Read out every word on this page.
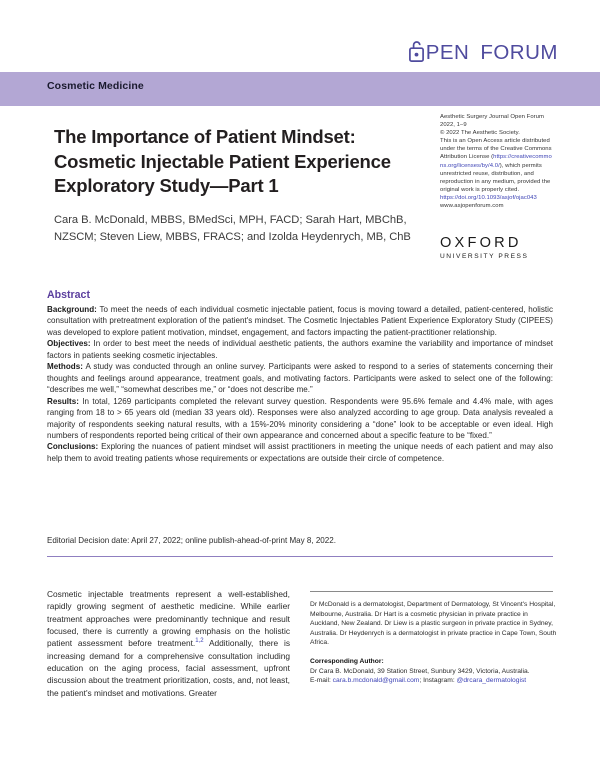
PEN FORUM
Cosmetic Medicine
The Importance of Patient Mindset: Cosmetic Injectable Patient Experience Exploratory Study—Part 1
Cara B. McDonald, MBBS, BMedSci, MPH, FACD; Sarah Hart, MBChB, NZSCM; Steven Liew, MBBS, FRACS; and Izolda Heydenrych, MB, ChB
Aesthetic Surgery Journal Open Forum
2022, 1–9
© 2022 The Aesthetic Society.
This is an Open Access article distributed under the terms of the Creative Commons Attribution License (https://creativecommons.org/licenses/by/4.0/), which permits unrestricted reuse, distribution, and reproduction in any medium, provided the original work is properly cited.
https://doi.org/10.1093/asjof/ojac043
www.asjopenforum.com
OXFORD
UNIVERSITY PRESS
Abstract

Background: To meet the needs of each individual cosmetic injectable patient, focus is moving toward a detailed, patient-centered, holistic consultation with pretreatment exploration of the patient's mindset. The Cosmetic Injectables Patient Experience Exploratory Study (CIPEES) was developed to explore patient motivation, mindset, engagement, and factors impacting the patient-practitioner relationship.

Objectives: In order to best meet the needs of individual aesthetic patients, the authors examine the variability and importance of mindset factors in patients seeking cosmetic injectables.

Methods: A study was conducted through an online survey. Participants were asked to respond to a series of statements concerning their thoughts and feelings around appearance, treatment goals, and motivating factors. Participants were asked to select one of the following: “describes me well,” “somewhat describes me,” or “does not describe me.”

Results: In total, 1269 participants completed the relevant survey question. Respondents were 95.6% female and 4.4% male, with ages ranging from 18 to > 65 years old (median 33 years old). Responses were also analyzed according to age group. Data analysis revealed a majority of respondents seeking natural results, with a 15%-20% minority considering a “done” look to be acceptable or even ideal. High numbers of respondents reported being critical of their own appearance and concerned about a specific feature to be “fixed.”

Conclusions: Exploring the nuances of patient mindset will assist practitioners in meeting the unique needs of each patient and may also help them to avoid treating patients whose requirements or expectations are outside their circle of competence.

Editorial Decision date: April 27, 2022; online publish-ahead-of-print May 8, 2022.

Cosmetic injectable treatments represent a well-established, rapidly growing segment of aesthetic medicine. While earlier treatment approaches were predominantly technique and result focused, there is currently a growing emphasis on the holistic patient assessment before treatment.$^{1,2}$ Additionally, there is increasing demand for a comprehensive consultation including education on the aging process, facial assessment, upfront discussion about the treatment prioritization, costs, and, not least, the patient's mindset and motivations. Greater

Dr McDonald is a dermatologist, Department of Dermatology, St Vincent's Hospital, Melbourne, Australia. Dr Hart is a cosmetic physician in private practice in Auckland, New Zealand. Dr Liew is a plastic surgeon in private practice in Sydney, Australia. Dr Heydenrych is a dermatologist in private practice in Cape Town, South Africa.

Corresponding Author:

Dr Cara B. McDonald, 39 Station Street, Sunbury 3429, Victoria, Australia.

E-mail: cara.b.mcdonald@gmail.com; Instagram: @drcara_dermatologist
